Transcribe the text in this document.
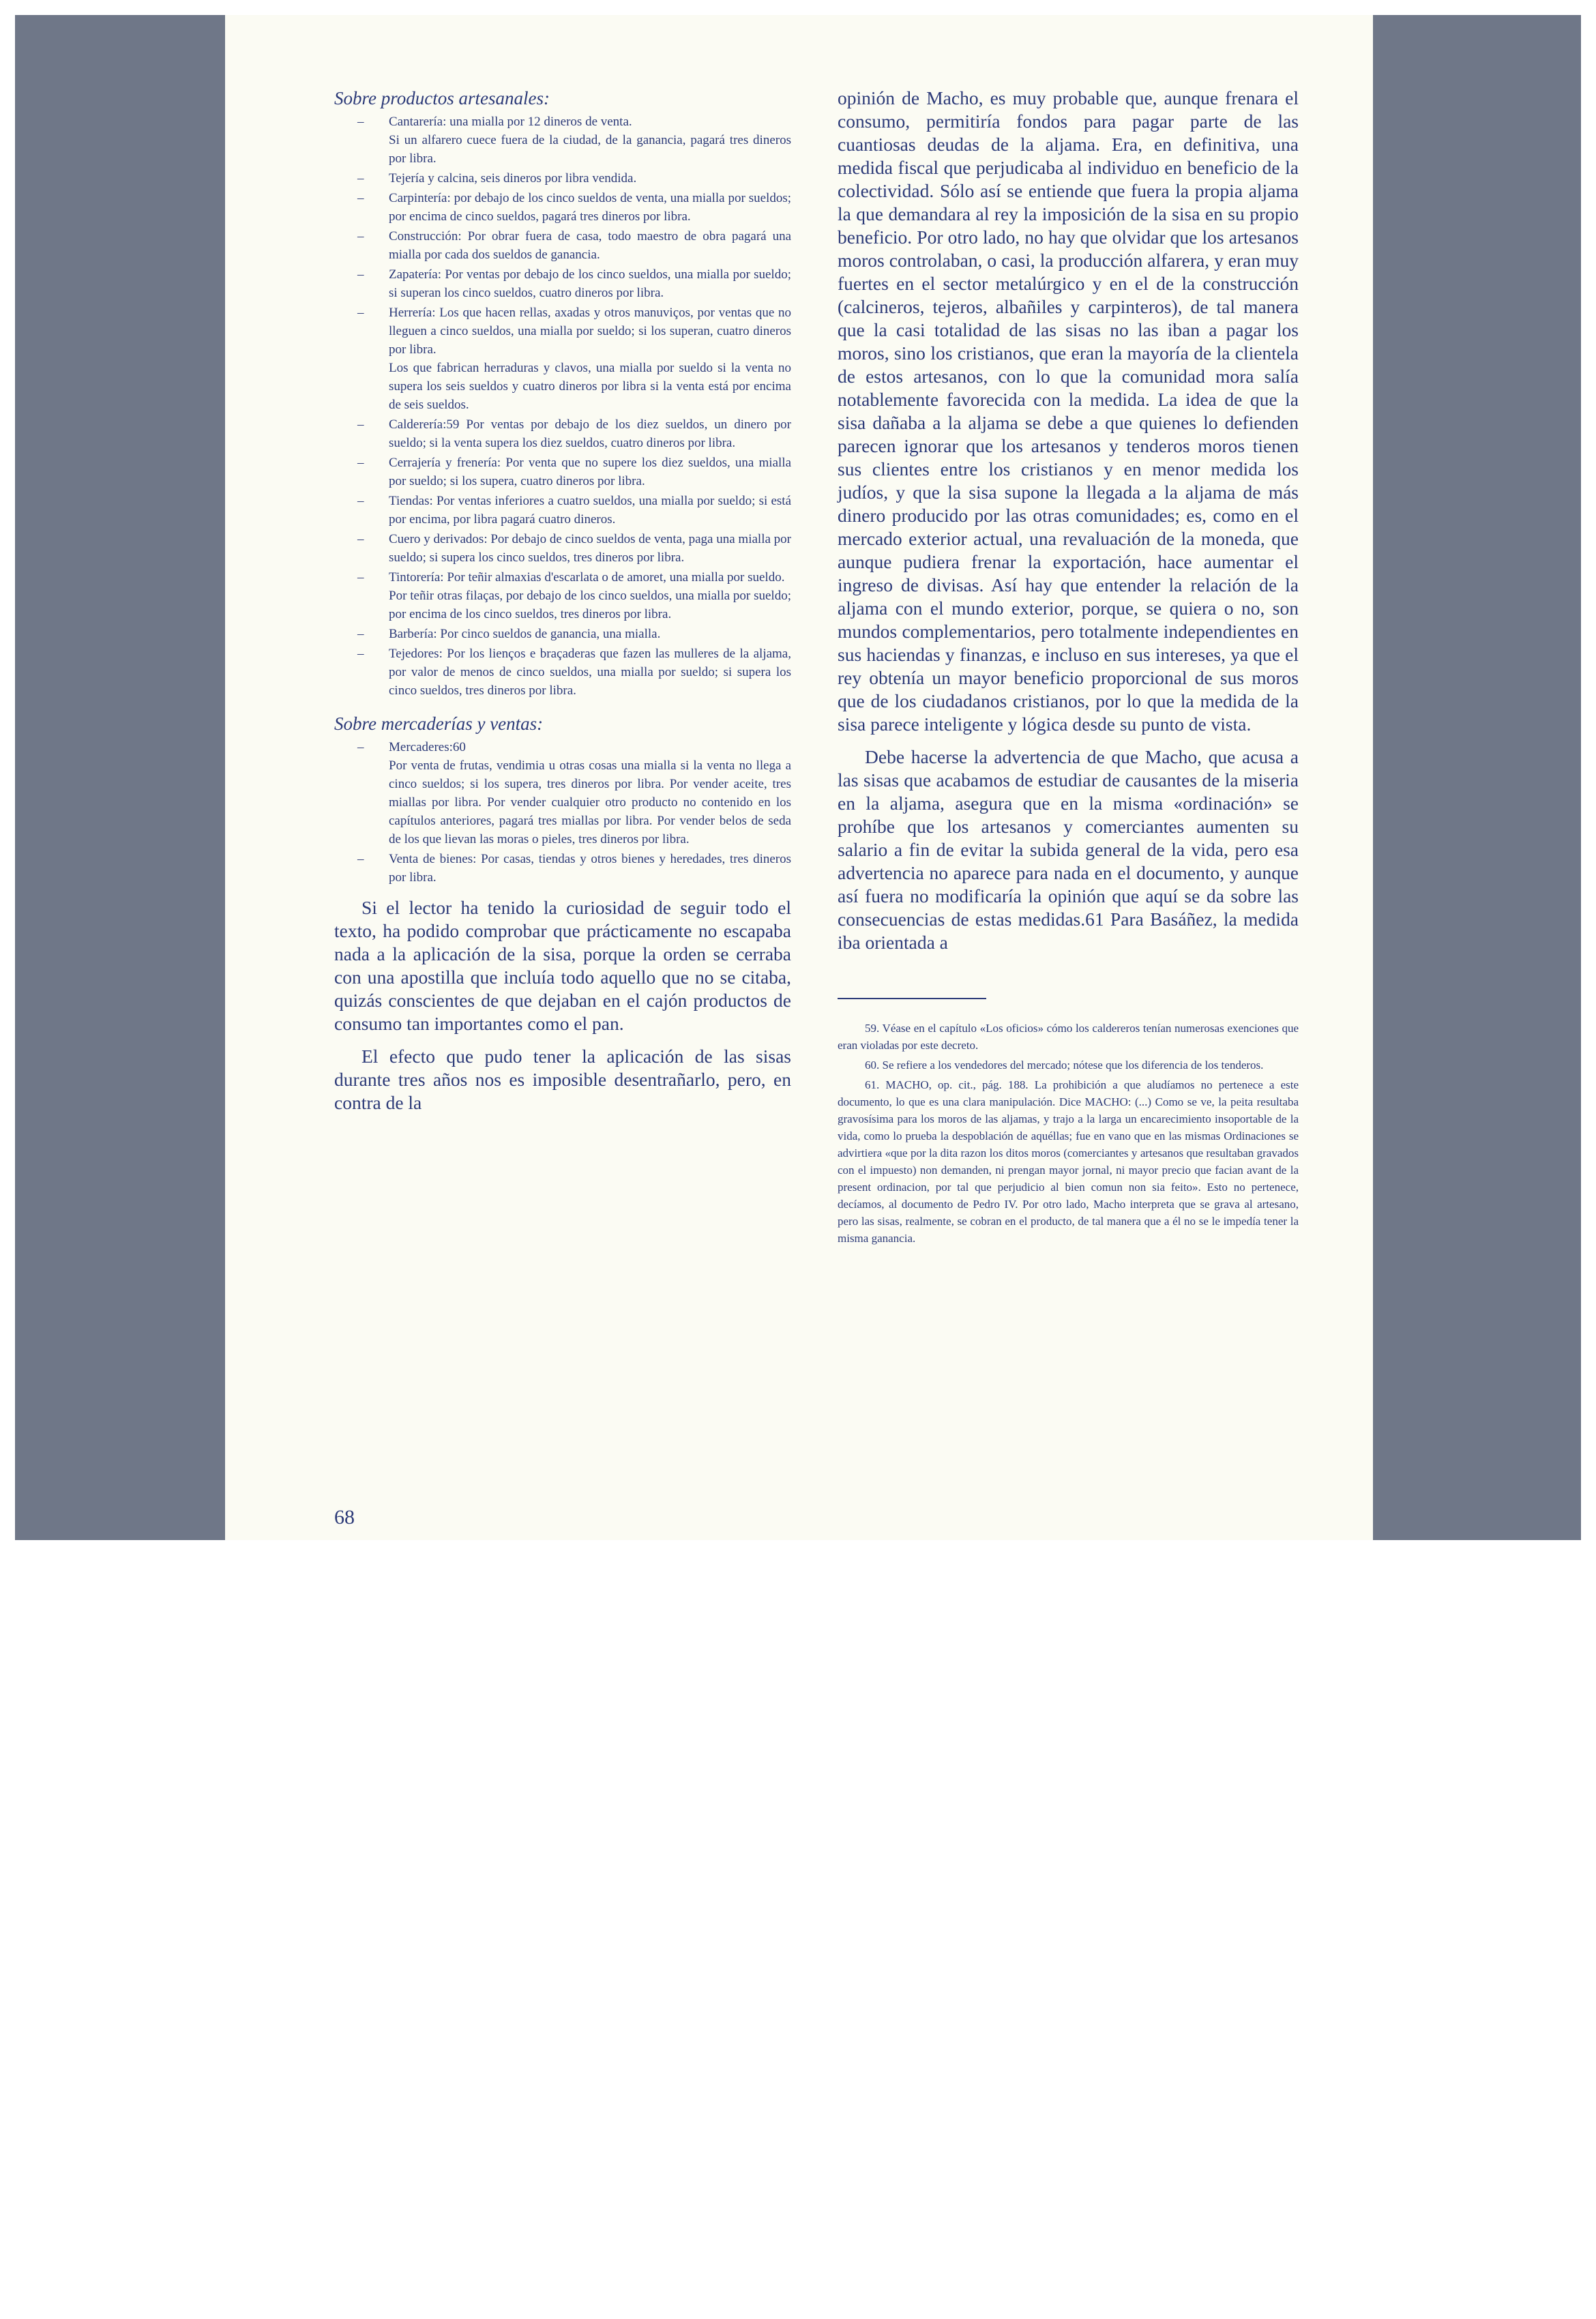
Sobre productos artesanales:
– Cantarería: una mialla por 12 dineros de venta.
Si un alfarero cuece fuera de la ciudad, de la ganancia, pagará tres dineros por libra.
– Tejería y calcina, seis dineros por libra vendida.
– Carpintería: por debajo de los cinco sueldos de venta, una mialla por sueldos; por encima de cinco sueldos, pagará tres dineros por libra.
– Construcción: Por obrar fuera de casa, todo maestro de obra pagará una mialla por cada dos sueldos de ganancia.
– Zapatería: Por ventas por debajo de los cinco sueldos, una mialla por sueldo; si superan los cinco sueldos, cuatro dineros por libra.
– Herrería: Los que hacen rellas, axadas y otros manuviços, por ventas que no lleguen a cinco sueldos, una mialla por sueldo; si los superan, cuatro dineros por libra.
Los que fabrican herraduras y clavos, una mialla por sueldo si la venta no supera los seis sueldos y cuatro dineros por libra si la venta está por encima de seis sueldos.
– Calderería:59 Por ventas por debajo de los diez sueldos, un dinero por sueldo; si la venta supera los diez sueldos, cuatro dineros por libra.
– Cerrajería y frenería: Por venta que no supere los diez sueldos, una mialla por sueldo; si los supera, cuatro dineros por libra.
– Tiendas: Por ventas inferiores a cuatro sueldos, una mialla por sueldo; si está por encima, por libra pagará cuatro dineros.
– Cuero y derivados: Por debajo de cinco sueldos de venta, paga una mialla por sueldo; si supera los cinco sueldos, tres dineros por libra.
– Tintorería: Por teñir almaxias d'escarlata o de amoret, una mialla por sueldo.
Por teñir otras filaças, por debajo de los cinco sueldos, una mialla por sueldo; por encima de los cinco sueldos, tres dineros por libra.
– Barbería: Por cinco sueldos de ganancia, una mialla.
– Tejedores: Por los lienços e braçaderas que fazen las mulleres de la aljama, por valor de menos de cinco sueldos, una mialla por sueldo; si supera los cinco sueldos, tres dineros por libra.
Sobre mercaderías y ventas:
– Mercaderes:60
Por venta de frutas, vendimia u otras cosas una mialla si la venta no llega a cinco sueldos; si los supera, tres dineros por libra. Por vender aceite, tres miallas por libra. Por vender cualquier otro producto no contenido en los capítulos anteriores, pagará tres miallas por libra. Por vender belos de seda de los que lievan las moras o pieles, tres dineros por libra.
– Venta de bienes: Por casas, tiendas y otros bienes y heredades, tres dineros por libra.

Si el lector ha tenido la curiosidad de seguir todo el texto, ha podido comprobar que prácticamente no escapaba nada a la aplicación de la sisa, porque la orden se cerraba con una apostilla que incluía todo aquello que no se citaba, quizás conscientes de que dejaban en el cajón productos de consumo tan importantes como el pan.

El efecto que pudo tener la aplicación de las sisas durante tres años nos es imposible desentrañarlo, pero, en contra de la

opinión de Macho, es muy probable que, aunque frenara el consumo, permitiría fondos para pagar parte de las cuantiosas deudas de la aljama. Era, en definitiva, una medida fiscal que perjudicaba al individuo en beneficio de la colectividad. Sólo así se entiende que fuera la propia aljama la que demandara al rey la imposición de la sisa en su propio beneficio. Por otro lado, no hay que olvidar que los artesanos moros controlaban, o casi, la producción alfarera, y eran muy fuertes en el sector metalúrgico y en el de la construcción (calcineros, tejeros, albañiles y carpinteros), de tal manera que la casi totalidad de las sisas no las iban a pagar los moros, sino los cristianos, que eran la mayoría de la clientela de estos artesanos, con lo que la comunidad mora salía notablemente favorecida con la medida. La idea de que la sisa dañaba a la aljama se debe a que quienes lo defienden parecen ignorar que los artesanos y tenderos moros tienen sus clientes entre los cristianos y en menor medida los judíos, y que la sisa supone la llegada a la aljama de más dinero producido por las otras comunidades; es, como en el mercado exterior actual, una revaluación de la moneda, que aunque pudiera frenar la exportación, hace aumentar el ingreso de divisas. Así hay que entender la relación de la aljama con el mundo exterior, porque, se quiera o no, son mundos complementarios, pero totalmente independientes en sus haciendas y finanzas, e incluso en sus intereses, ya que el rey obtenía un mayor beneficio proporcional de sus moros que de los ciudadanos cristianos, por lo que la medida de la sisa parece inteligente y lógica desde su punto de vista.

Debe hacerse la advertencia de que Macho, que acusa a las sisas que acabamos de estudiar de causantes de la miseria en la aljama, asegura que en la misma «ordinación» se prohíbe que los artesanos y comerciantes aumenten su salario a fin de evitar la subida general de la vida, pero esa advertencia no aparece para nada en el documento, y aunque así fuera no modificaría la opinión que aquí se da sobre las consecuencias de estas medidas.61 Para Basáñez, la medida iba orientada a

59. Véase en el capítulo «Los oficios» cómo los caldereros tenían numerosas exenciones que eran violadas por este decreto.

60. Se refiere a los vendedores del mercado; nótese que los diferencia de los tenderos.

61. MACHO, op. cit., pág. 188. La prohibición a que aludíamos no pertenece a este documento, lo que es una clara manipulación. Dice MACHO: (...) Como se ve, la peita resultaba gravosísima para los moros de las aljamas, y trajo a la larga un encarecimiento insoportable de la vida, como lo prueba la despoblación de aquéllas; fue en vano que en las mismas Ordinaciones se advirtiera «que por la dita razon los ditos moros (comerciantes y artesanos que resultaban gravados con el impuesto) non demanden, ni prengan mayor jornal, ni mayor precio que facian avant de la present ordinacion, por tal que perjudicio al bien comun non sia feito». Esto no pertenece, decíamos, al documento de Pedro IV. Por otro lado, Macho interpreta que se grava al artesano, pero las sisas, realmente, se cobran en el producto, de tal manera que a él no se le impedía tener la misma ganancia.

68
